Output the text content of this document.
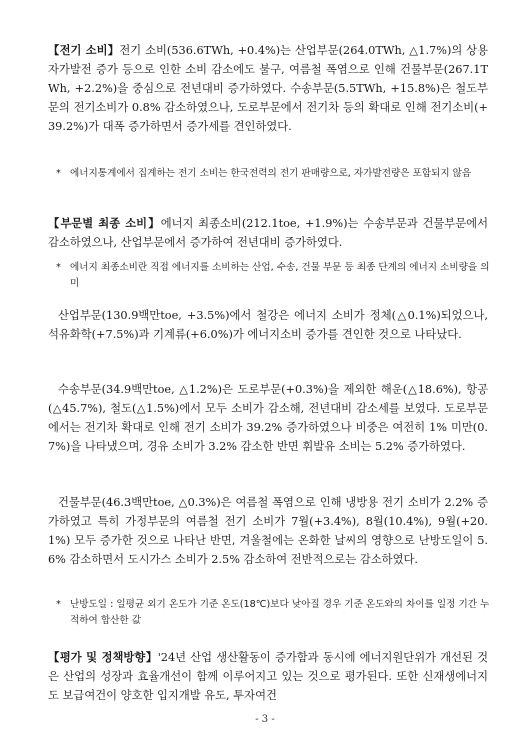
【전기 소비】전기 소비(536.6TWh, +0.4%)는 산업부문(264.0TWh, △1.7%)의 상용 자가발전 증가 등으로 인한 소비 감소에도 불구, 여름철 폭염으로 인해 건물부문(267.1TWh, +2.2%)을 중심으로 전년대비 증가하였다. 수송부문(5.5TWh, +15.8%)은 철도부문의 전기소비가 0.8% 감소하였으나, 도로부문에서 전기차 등의 확대로 인해 전기소비(+39.2%)가 대폭 증가하면서 증가세를 견인하였다.

* 에너지통계에서 집계하는 전기 소비는 한국전력의 전기 판매량으로, 자가발전량은 포함되지 않음

【부문별 최종 소비】에너지 최종소비(212.1toe, +1.9%)는 수송부문과 건물부문에서 감소하였으나, 산업부문에서 증가하여 전년대비 증가하였다.

* 에너지 최종소비란 직접 에너지를 소비하는 산업, 수송, 건물 부문 등 최종 단계의 에너지 소비량을 의미

산업부문(130.9백만toe, +3.5%)에서 철강은 에너지 소비가 정체(△0.1%)되었으나, 석유화학(+7.5%)과 기계류(+6.0%)가 에너지소비 증가를 견인한 것으로 나타났다.

수송부문(34.9백만toe, △1.2%)은 도로부문(+0.3%)을 제외한 해운(△18.6%), 항공(△45.7%), 철도(△1.5%)에서 모두 소비가 감소해, 전년대비 감소세를 보였다. 도로부문에서는 전기차 확대로 인해 전기 소비가 39.2% 증가하였으나 비중은 여전히 1% 미만(0.7%)을 나타냈으며, 경유 소비가 3.2% 감소한 반면 휘발유 소비는 5.2% 증가하였다.

건물부문(46.3백만toe, △0.3%)은 여름철 폭염으로 인해 냉방용 전기 소비가 2.2% 증가하였고 특히 가정부문의 여름철 전기 소비가 7월(+3.4%), 8월(10.4%), 9월(+20.1%) 모두 증가한 것으로 나타난 반면, 겨울철에는 온화한 날씨의 영향으로 난방도일이 5.6% 감소하면서 도시가스 소비가 2.5% 감소하여 전반적으로는 감소하였다.

* 난방도일 : 일평균 외기 온도가 기준 온도(18℃)보다 낮아질 경우 기준 온도와의 차이를 일정 기간 누적하여 합산한 값

【평가 및 정책방향】'24년 산업 생산활동이 증가함과 동시에 에너지원단위가 개선된 것은 산업의 성장과 효율개선이 함께 이루어지고 있는 것으로 평가된다. 또한 신재생에너지도 보급여건이 양호한 입지개발 유도, 투자여건

- 3 -
